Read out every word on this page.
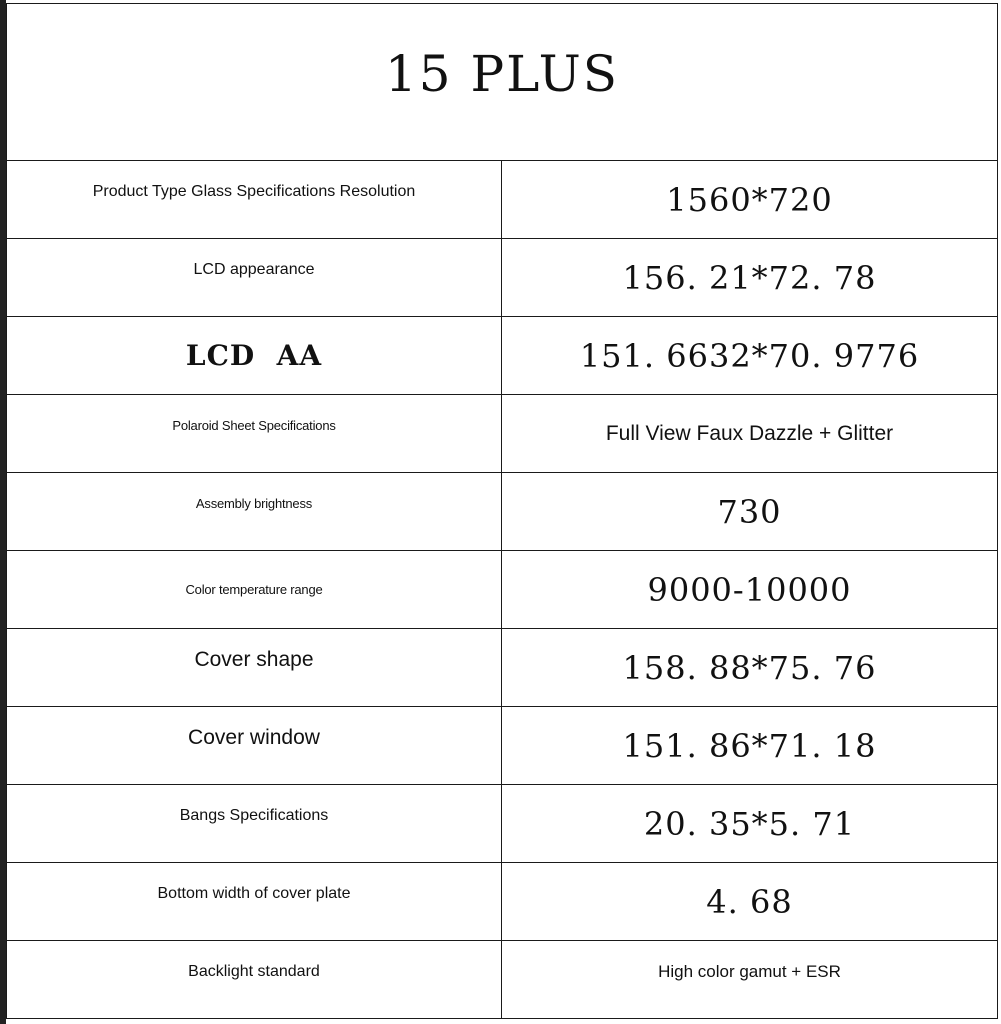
15 PLUS	
Product Type Glass Specifications Resolution	1560*720
LCD appearance	156. 21*72. 78
LCD  AA	151. 6632*70. 9776
$^{Polaroid Sheet Specifications}$	Full View Faux Dazzle + Glitter
$^{Assembly brightness}$	730
Color temperature range	9000-10000
Cover shape	158. 88*75. 76
Cover window	151. 86*71. 18
Bangs Specifications	20. 35*5. 71
Bottom width of cover plate	4. 68
Backlight standard	High color gamut + ESR
